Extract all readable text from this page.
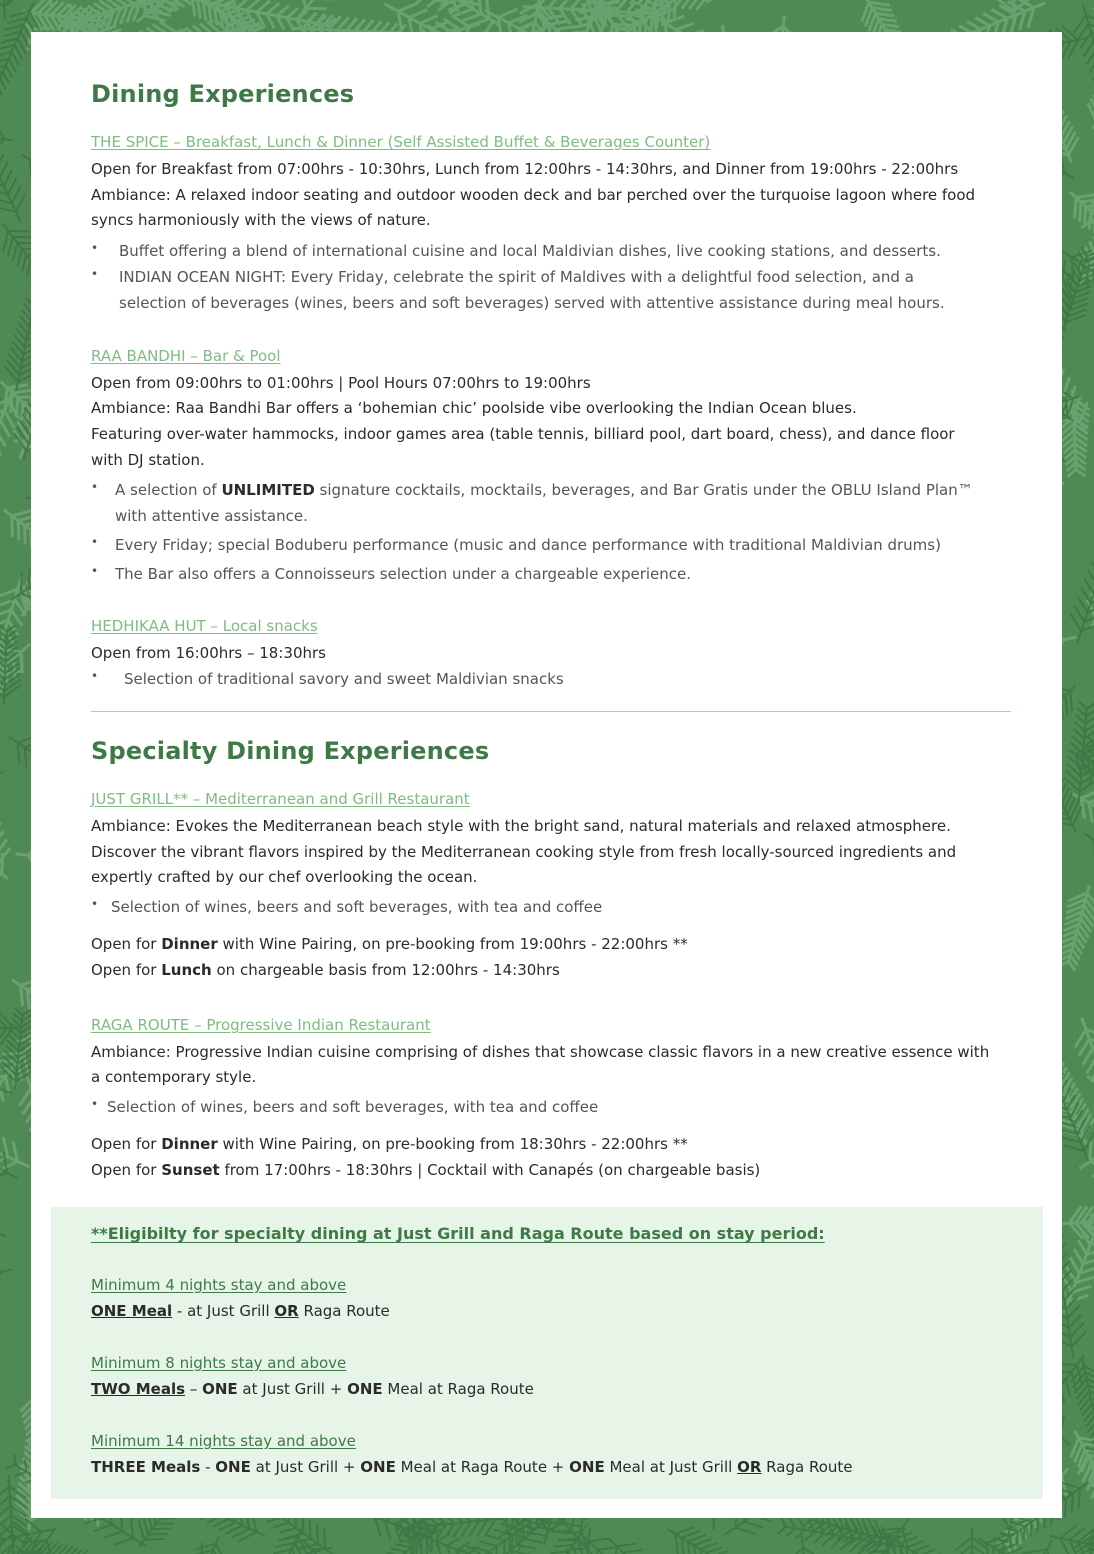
Dining Experiences
THE SPICE – Breakfast, Lunch & Dinner (Self Assisted Buffet & Beverages Counter)
Open for Breakfast from 07:00hrs - 10:30hrs, Lunch from 12:00hrs - 14:30hrs, and Dinner from 19:00hrs - 22:00hrs
Ambiance: A relaxed indoor seating and outdoor wooden deck and bar perched over the turquoise lagoon where food
syncs harmoniously with the views of nature.
• Buffet offering a blend of international cuisine and local Maldivian dishes, live cooking stations, and desserts.
• INDIAN OCEAN NIGHT: Every Friday, celebrate the spirit of Maldives with a delightful food selection, and a
selection of beverages (wines, beers and soft beverages) served with attentive assistance during meal hours.
RAA BANDHI – Bar & Pool
Open from 09:00hrs to 01:00hrs | Pool Hours 07:00hrs to 19:00hrs
Ambiance: Raa Bandhi Bar offers a ‘bohemian chic’ poolside vibe overlooking the Indian Ocean blues.
Featuring over-water hammocks, indoor games area (table tennis, billiard pool, dart board, chess), and dance floor
with DJ station.
• A selection of UNLIMITED signature cocktails, mocktails, beverages, and Bar Gratis under the OBLU Island Plan™
with attentive assistance.
• Every Friday; special Boduberu performance (music and dance performance with traditional Maldivian drums)
• The Bar also offers a Connoisseurs selection under a chargeable experience.
HEDHIKAA HUT – Local snacks
Open from 16:00hrs – 18:30hrs
• Selection of traditional savory and sweet Maldivian snacks
Specialty Dining Experiences
JUST GRILL** – Mediterranean and Grill Restaurant
Ambiance: Evokes the Mediterranean beach style with the bright sand, natural materials and relaxed atmosphere.
Discover the vibrant flavors inspired by the Mediterranean cooking style from fresh locally-sourced ingredients and
expertly crafted by our chef overlooking the ocean.
• Selection of wines, beers and soft beverages, with tea and coffee
Open for Dinner with Wine Pairing, on pre-booking from 19:00hrs - 22:00hrs **
Open for Lunch on chargeable basis from 12:00hrs - 14:30hrs
RAGA ROUTE – Progressive Indian Restaurant
Ambiance: Progressive Indian cuisine comprising of dishes that showcase classic flavors in a new creative essence with
a contemporary style.
• Selection of wines, beers and soft beverages, with tea and coffee
Open for Dinner with Wine Pairing, on pre-booking from 18:30hrs - 22:00hrs **
Open for Sunset from 17:00hrs - 18:30hrs | Cocktail with Canapés (on chargeable basis)
**Eligibilty for specialty dining at Just Grill and Raga Route based on stay period:
Minimum 4 nights stay and above
ONE Meal - at Just Grill OR Raga Route
Minimum 8 nights stay and above
TWO Meals – ONE at Just Grill + ONE Meal at Raga Route
Minimum 14 nights stay and above
THREE Meals - ONE at Just Grill + ONE Meal at Raga Route + ONE Meal at Just Grill OR Raga Route
